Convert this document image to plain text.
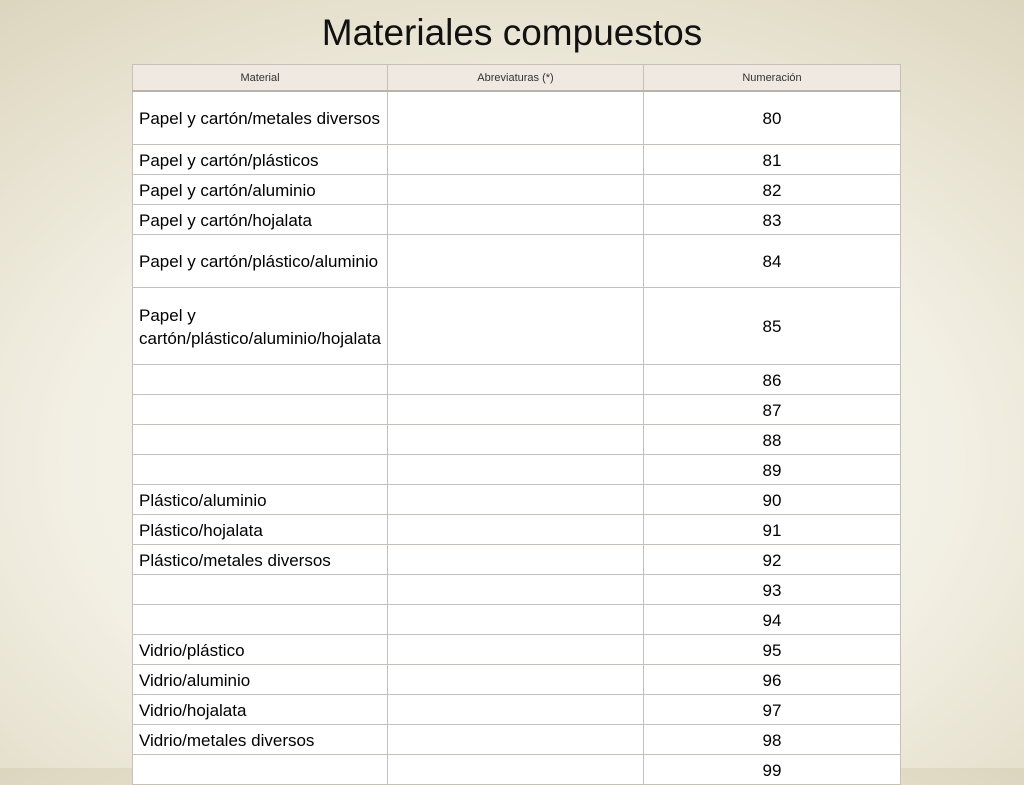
Materiales compuestos
Material	Abreviaturas (*)	Numeración
Papel y cartón/metales diversos		80
Papel y cartón/plásticos		81
Papel y cartón/aluminio		82
Papel y cartón/hojalata		83
Papel y cartón/plástico/aluminio		84
Papel y cartón/plástico/aluminio/hojalata		85
		86
		87
		88
		89
Plástico/aluminio		90
Plástico/hojalata		91
Plástico/metales diversos		92
		93
		94
Vidrio/plástico		95
Vidrio/aluminio		96
Vidrio/hojalata		97
Vidrio/metales diversos		98
		99
